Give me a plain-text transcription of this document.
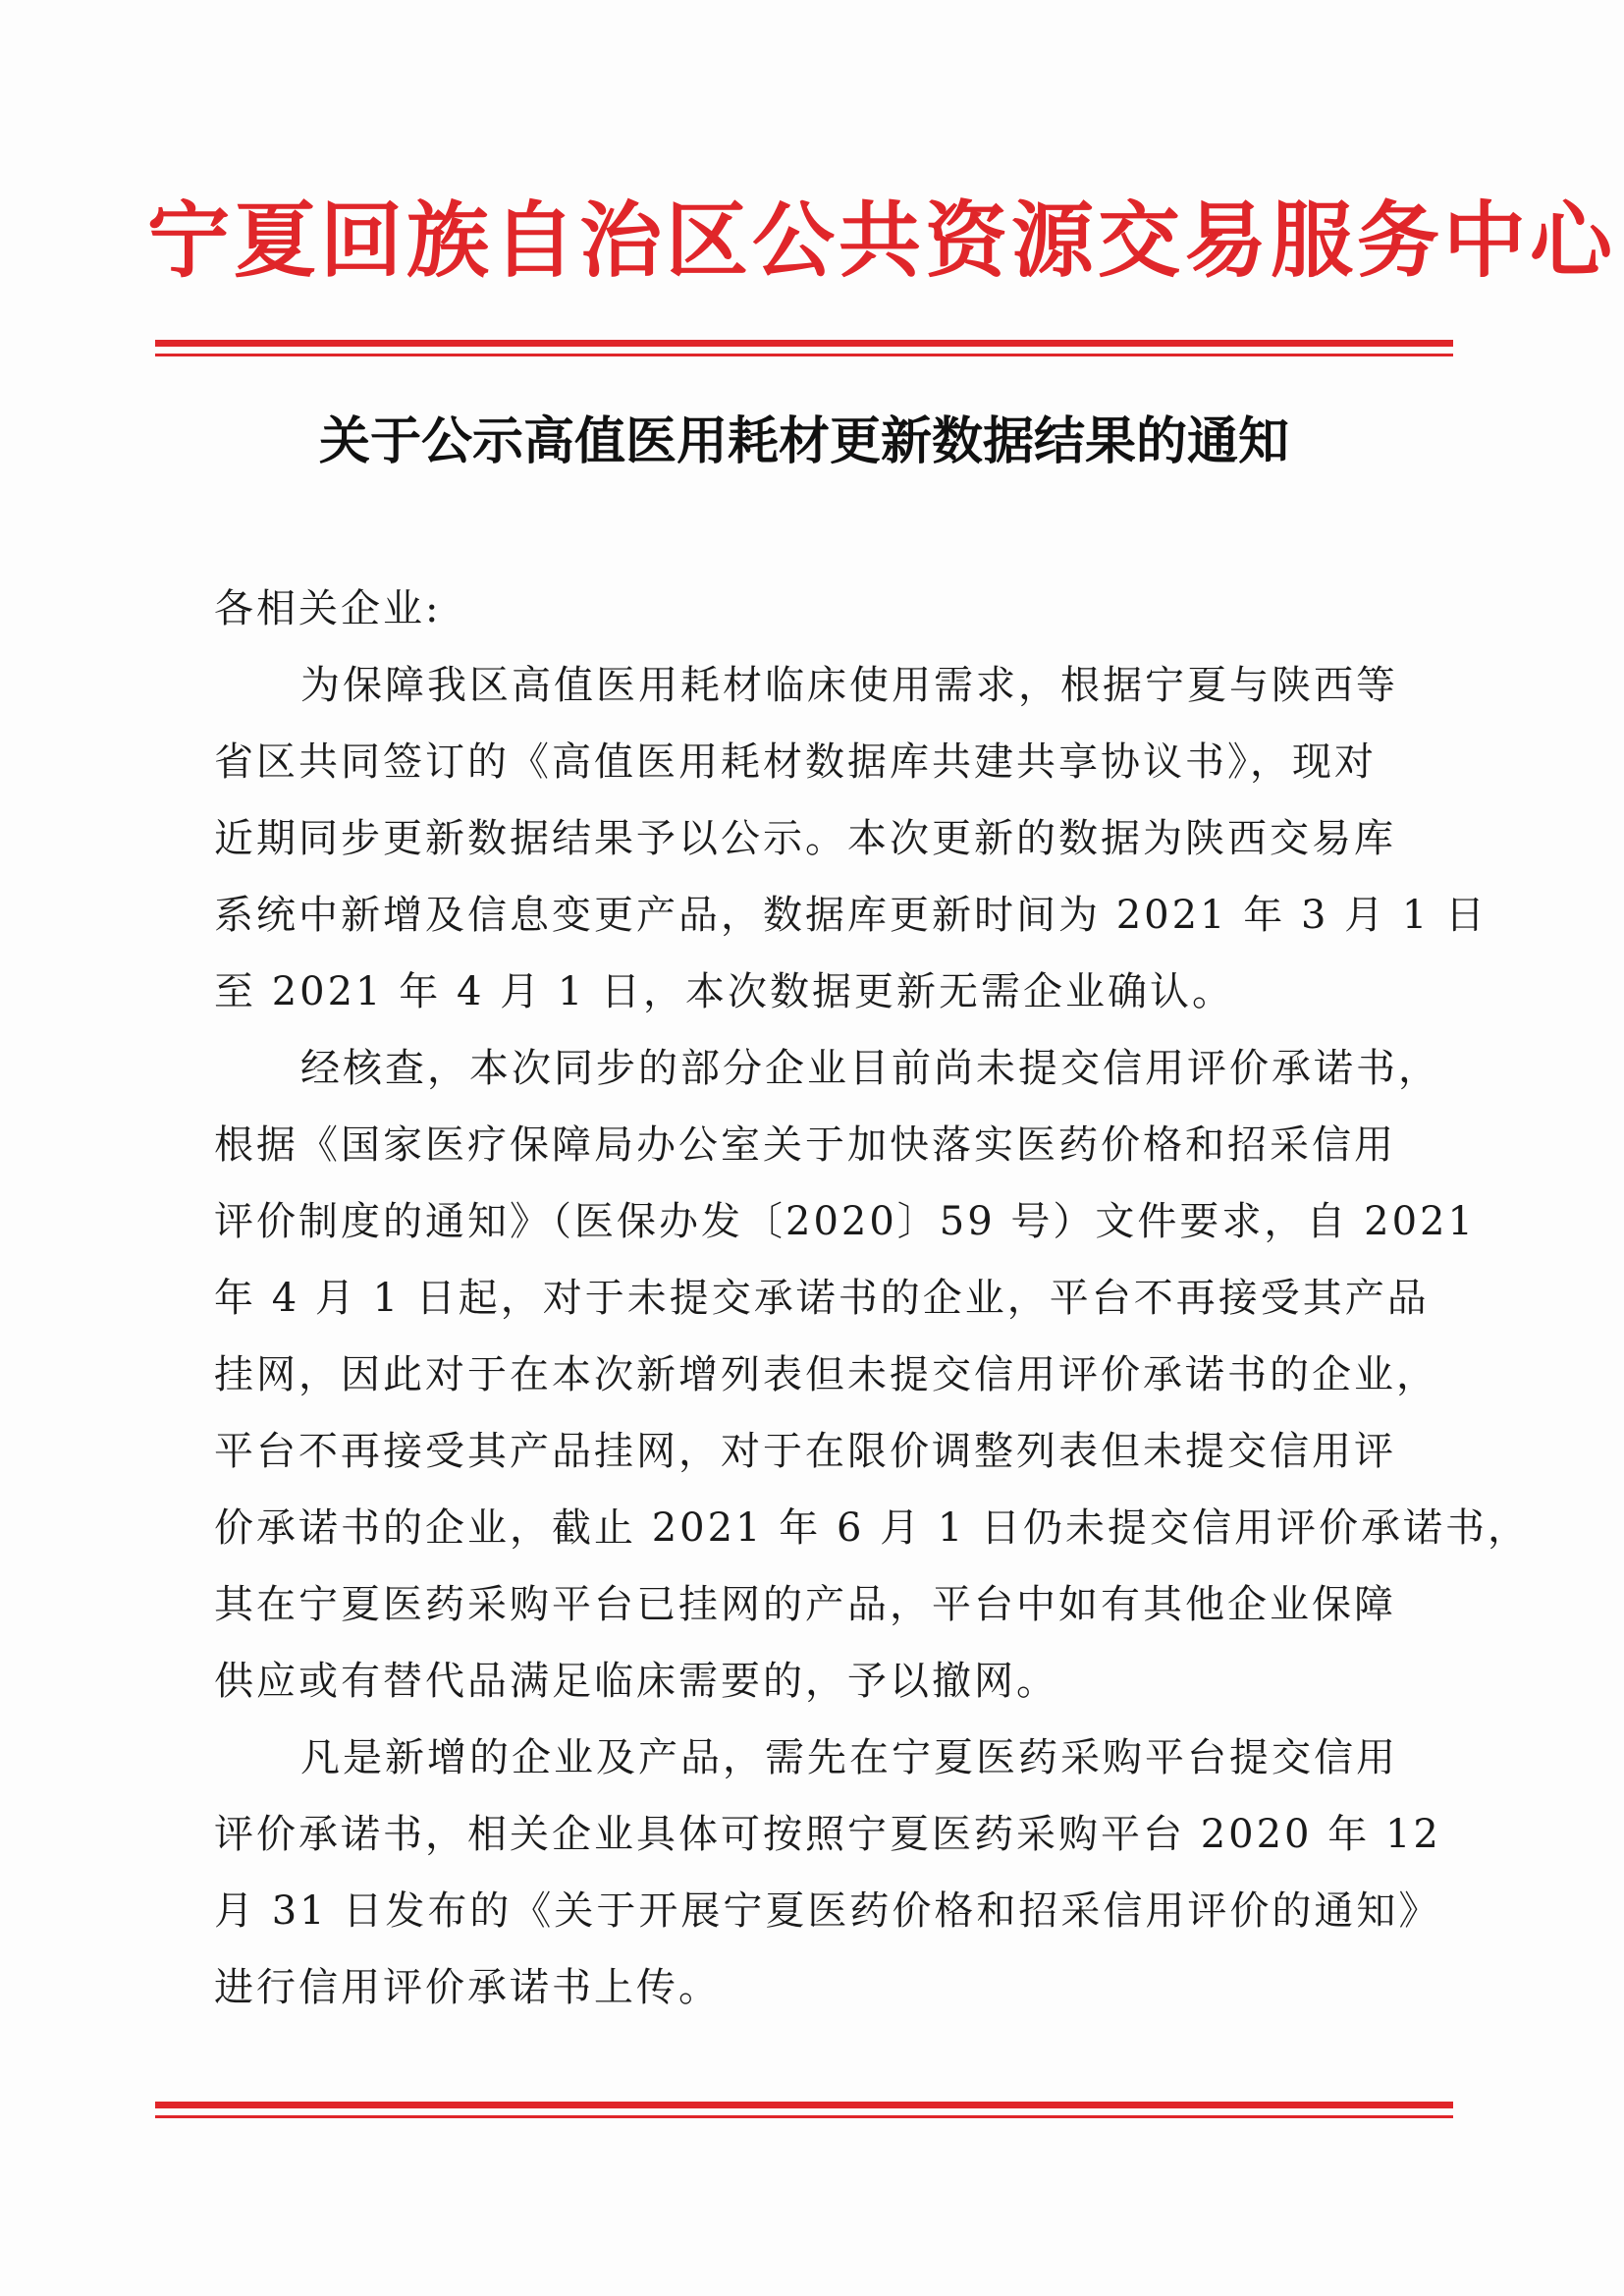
宁夏回族自治区公共资源交易服务中心
关于公示高值医用耗材更新数据结果的通知
各相关企业:
为保障我区高值医用耗材临床使用需求，根据宁夏与陕西等
省区共同签订的《高值医用耗材数据库共建共享协议书》，现对
近期同步更新数据结果予以公示。本次更新的数据为陕西交易库
系统中新增及信息变更产品，数据库更新时间为 2021 年 3 月 1 日
至 2021 年 4 月 1 日，本次数据更新无需企业确认。
经核查，本次同步的部分企业目前尚未提交信用评价承诺书，
根据《国家医疗保障局办公室关于加快落实医药价格和招采信用
评价制度的通知》（医保办发〔2020〕59 号）文件要求，自 2021
年 4 月 1 日起，对于未提交承诺书的企业，平台不再接受其产品
挂网，因此对于在本次新增列表但未提交信用评价承诺书的企业，
平台不再接受其产品挂网，对于在限价调整列表但未提交信用评
价承诺书的企业，截止 2021 年 6 月 1 日仍未提交信用评价承诺书，
其在宁夏医药采购平台已挂网的产品，平台中如有其他企业保障
供应或有替代品满足临床需要的，予以撤网。
凡是新增的企业及产品，需先在宁夏医药采购平台提交信用
评价承诺书，相关企业具体可按照宁夏医药采购平台 2020 年 12
月 31 日发布的《关于开展宁夏医药价格和招采信用评价的通知》
进行信用评价承诺书上传。
